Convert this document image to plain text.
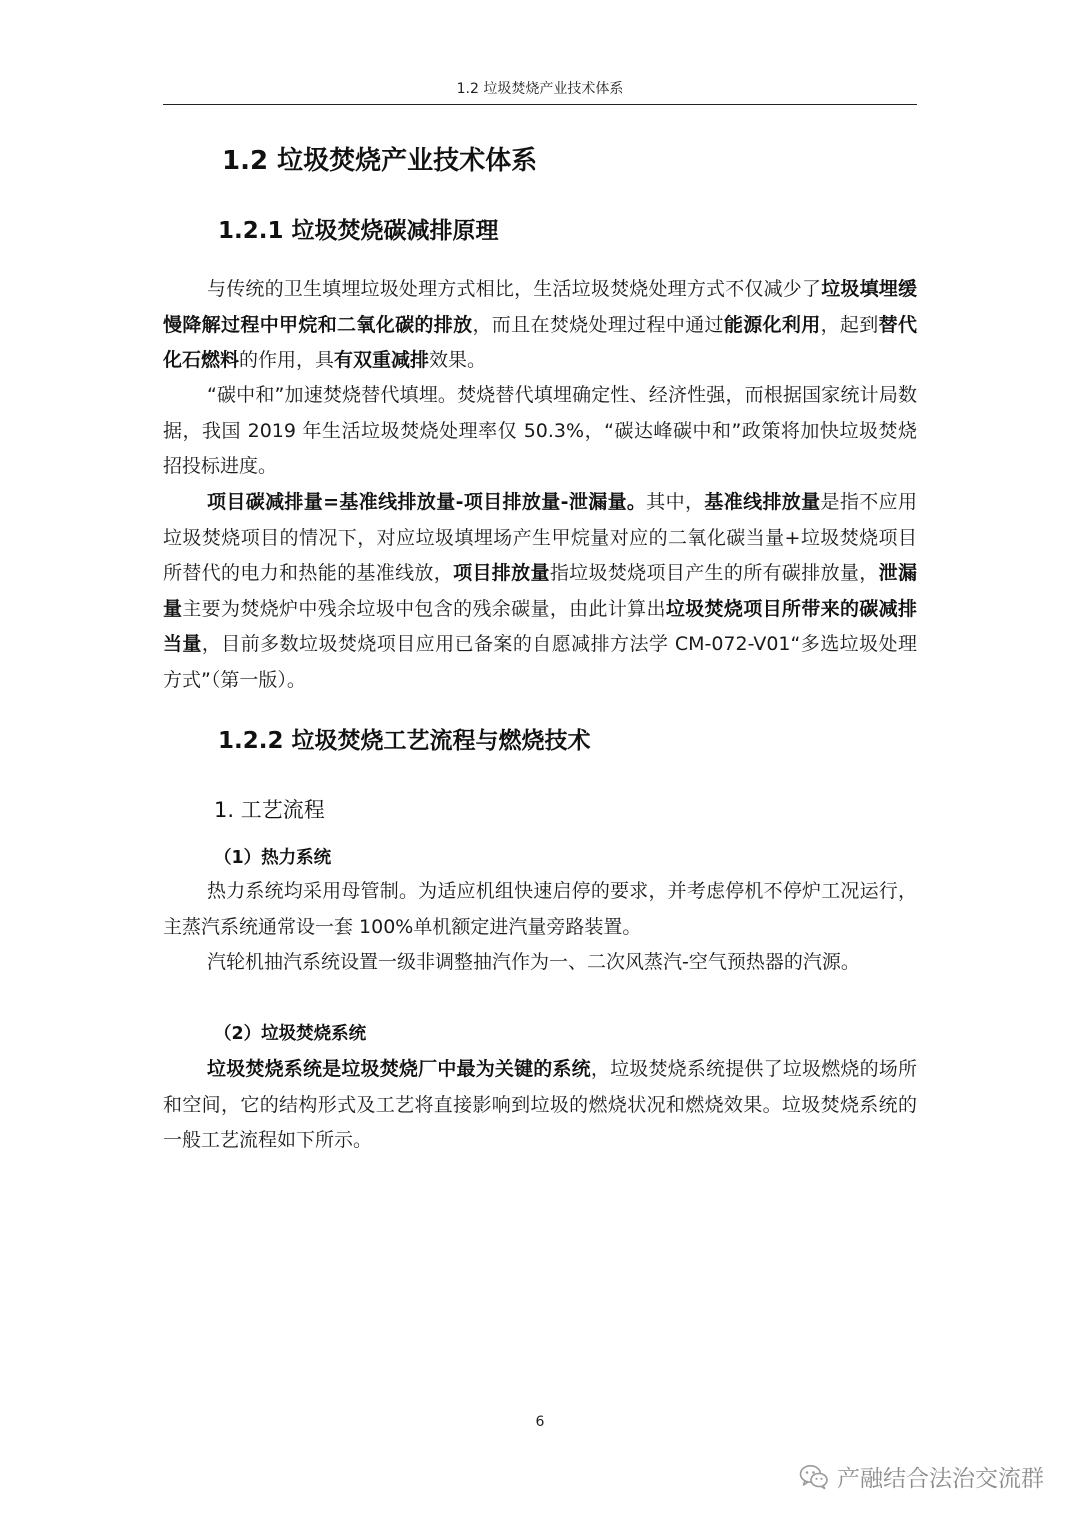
1.2 垃圾焚烧产业技术体系
1.2 垃圾焚烧产业技术体系
1.2.1 垃圾焚烧碳减排原理

与传统的卫生填埋垃圾处理方式相比，生活垃圾焚烧处理方式不仅减少了垃圾填埋缓慢降解过程中甲烷和二氧化碳的排放，而且在焚烧处理过程中通过能源化利用，起到替代化石燃料的作用，具有双重减排效果。

“碳中和”加速焚烧替代填埋。焚烧替代填埋确定性、经济性强，而根据国家统计局数据，我国 2019 年生活垃圾焚烧处理率仅 50.3%，“碳达峰碳中和”政策将加快垃圾焚烧招投标进度。

项目碳减排量=基准线排放量-项目排放量-泄漏量。其中，基准线排放量是指不应用垃圾焚烧项目的情况下，对应垃圾填埋场产生甲烷量对应的二氧化碳当量+垃圾焚烧项目所替代的电力和热能的基准线放，项目排放量指垃圾焚烧项目产生的所有碳排放量，泄漏量主要为焚烧炉中残余垃圾中包含的残余碳量，由此计算出垃圾焚烧项目所带来的碳减排当量，目前多数垃圾焚烧项目应用已备案的自愿减排方法学 CM-072-V01“多选垃圾处理方式”（第一版）。

1.2.2 垃圾焚烧工艺流程与燃烧技术
1. 工艺流程
（1）热力系统

热力系统均采用母管制。为适应机组快速启停的要求，并考虑停机不停炉工况运行，主蒸汽系统通常设一套 100%单机额定进汽量旁路装置。

汽轮机抽汽系统设置一级非调整抽汽作为一、二次风蒸汽-空气预热器的汽源。

（2）垃圾焚烧系统

垃圾焚烧系统是垃圾焚烧厂中最为关键的系统，垃圾焚烧系统提供了垃圾燃烧的场所和空间，它的结构形式及工艺将直接影响到垃圾的燃烧状况和燃烧效果。垃圾焚烧系统的一般工艺流程如下所示。

6
产融结合法治交流群
